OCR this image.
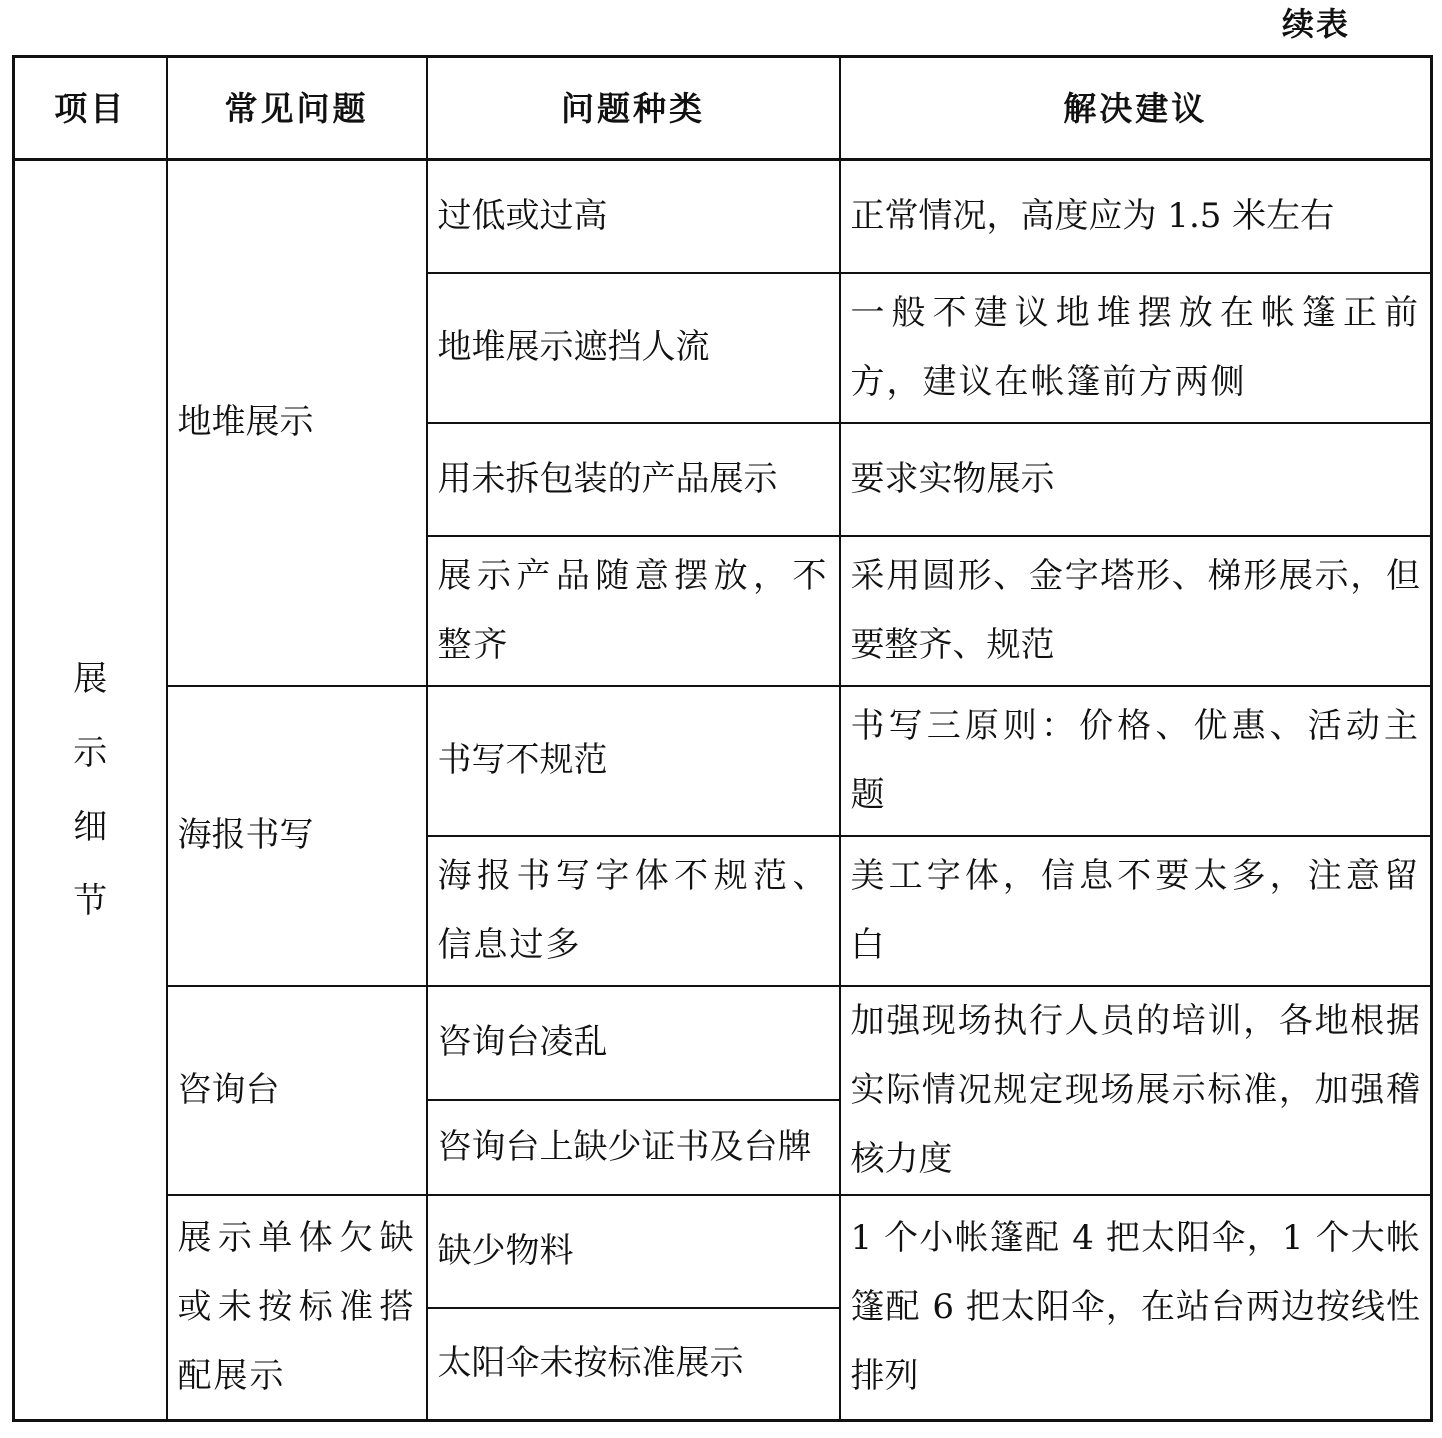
续表
项目	常见问题	问题种类	解决建议
展示细节	地堆展示	过低或过高	正常情况，高度应为 1.5 米左右
		地堆展示遮挡人流	一般不建议地堆摆放在帐篷正前方，建议在帐篷前方两侧
		用未拆包装的产品展示	要求实物展示
		展示产品随意摆放，不整齐	采用圆形、金字塔形、梯形展示，但要整齐、规范
	海报书写	书写不规范	书写三原则：价格、优惠、活动主题
		海报书写字体不规范、信息过多	美工字体，信息不要太多，注意留白
	咨询台	咨询台凌乱	加强现场执行人员的培训，各地根据实际情况规定现场展示标准，加强稽核力度
		咨询台上缺少证书及台牌	
	展示单体欠缺或未按标准搭配展示	缺少物料	1 个小帐篷配 4 把太阳伞，1 个大帐篷配 6 把太阳伞，在站台两边按线性排列
		太阳伞未按标准展示	
